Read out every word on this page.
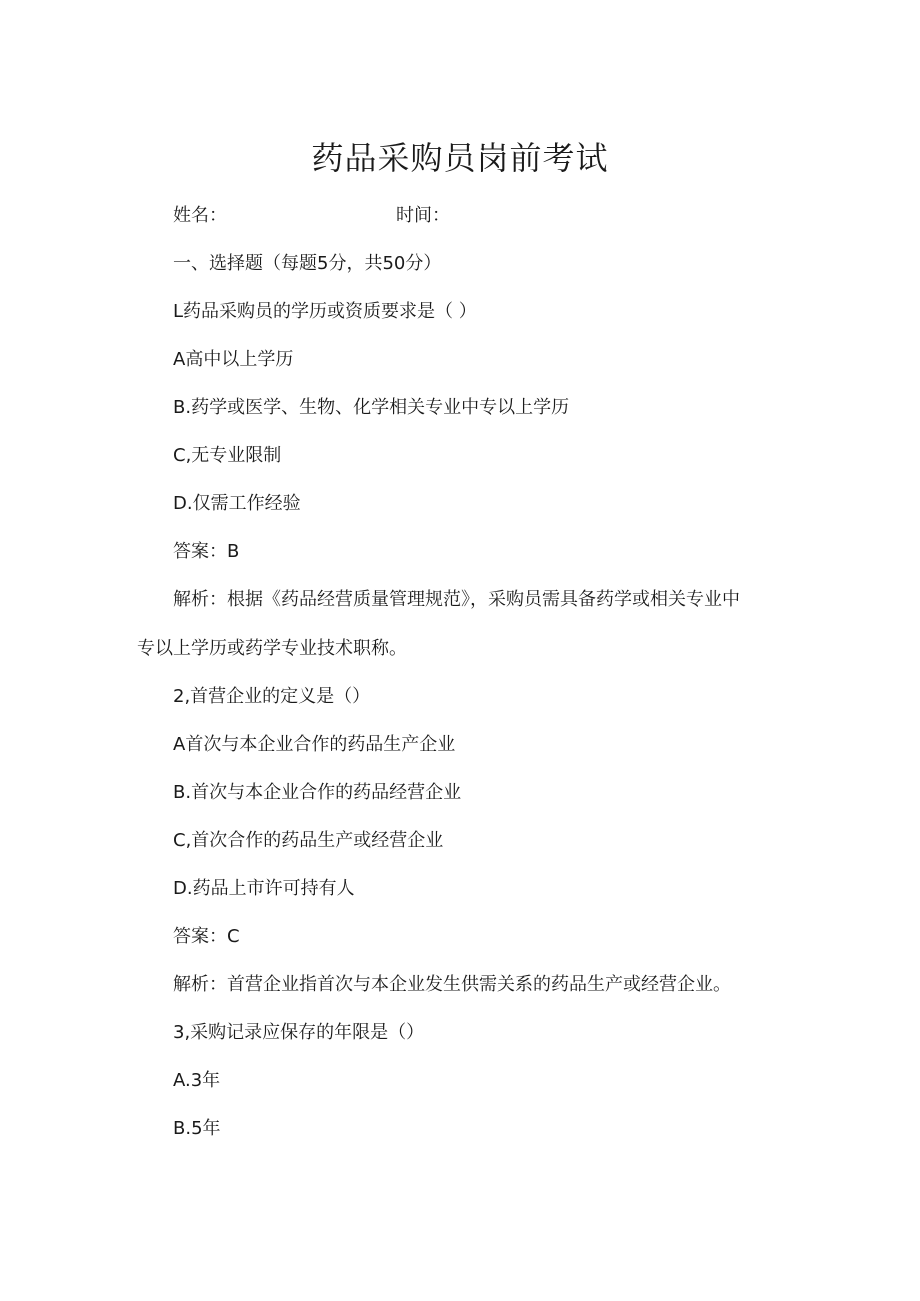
药品采购员岗前考试
姓名：	时间：
一、选择题（每题5分，共50分）
L药品采购员的学历或资质要求是（ ）
A高中以上学历
B.药学或医学、生物、化学相关专业中专以上学历
C,无专业限制
D.仅需工作经验
答案：B
解析：根据《药品经营质量管理规范》，采购员需具备药学或相关专业中
专以上学历或药学专业技术职称。
2,首营企业的定义是（）
A首次与本企业合作的药品生产企业
B.首次与本企业合作的药品经营企业
C,首次合作的药品生产或经营企业
D.药品上市许可持有人
答案：C
解析：首营企业指首次与本企业发生供需关系的药品生产或经营企业。
3,采购记录应保存的年限是（）
A.3年
B.5年
